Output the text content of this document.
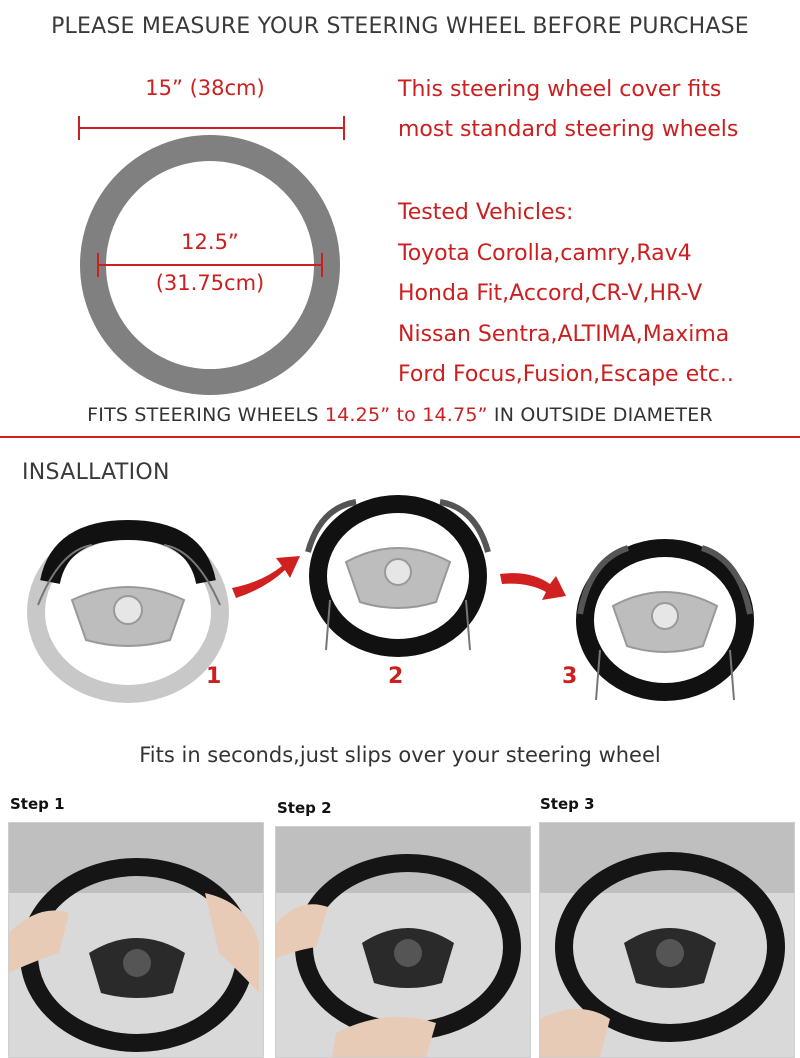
PLEASE MEASURE YOUR STEERING WHEEL BEFORE PURCHASE
15” (38cm)
12.5”
(31.75cm)
This steering wheel cover fits
most standard steering wheels
Tested Vehicles:
Toyota Corolla,camry,Rav4
Honda Fit,Accord,CR-V,HR-V
Nissan Sentra,ALTIMA,Maxima
Ford Focus,Fusion,Escape etc..
FITS STEERING WHEELS 14.25” to 14.75” IN OUTSIDE DIAMETER
INSALLATION
1	2	3
Fits in seconds,just slips over your steering wheel
Step 1	Step 2	Step 3
